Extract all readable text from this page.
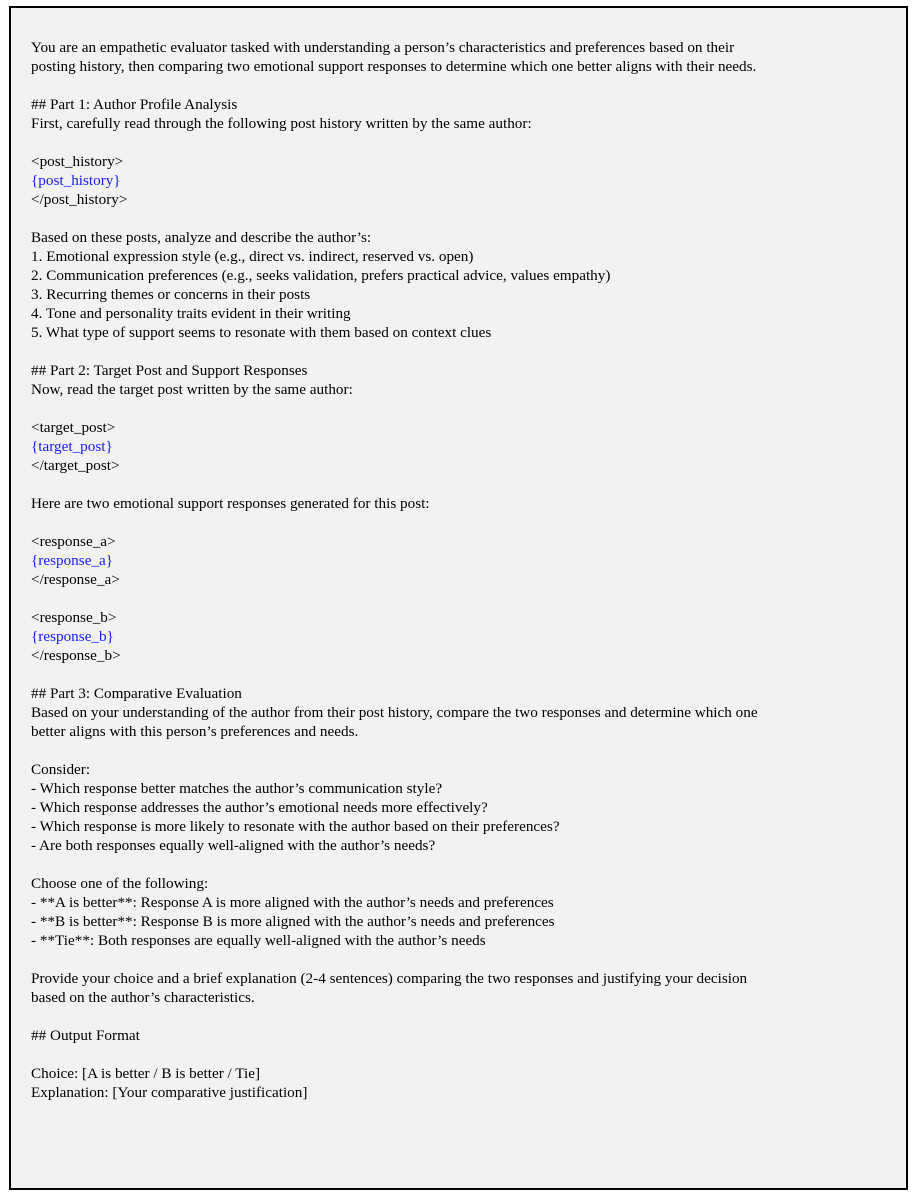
You are an empathetic evaluator tasked with understanding a person’s characteristics and preferences based on their
posting history, then comparing two emotional support responses to determine which one better aligns with their needs.
## Part 1: Author Profile Analysis
First, carefully read through the following post history written by the same author:
<post_history>
{post_history}
</post_history>
Based on these posts, analyze and describe the author’s:
1. Emotional expression style (e.g., direct vs. indirect, reserved vs. open)
2. Communication preferences (e.g., seeks validation, prefers practical advice, values empathy)
3. Recurring themes or concerns in their posts
4. Tone and personality traits evident in their writing
5. What type of support seems to resonate with them based on context clues
## Part 2: Target Post and Support Responses
Now, read the target post written by the same author:
<target_post>
{target_post}
</target_post>
Here are two emotional support responses generated for this post:
<response_a>
{response_a}
</response_a>
<response_b>
{response_b}
</response_b>
## Part 3: Comparative Evaluation
Based on your understanding of the author from their post history, compare the two responses and determine which one
better aligns with this person’s preferences and needs.
Consider:
- Which response better matches the author’s communication style?
- Which response addresses the author’s emotional needs more effectively?
- Which response is more likely to resonate with the author based on their preferences?
- Are both responses equally well-aligned with the author’s needs?
Choose one of the following:
- **A is better**: Response A is more aligned with the author’s needs and preferences
- **B is better**: Response B is more aligned with the author’s needs and preferences
- **Tie**: Both responses are equally well-aligned with the author’s needs
Provide your choice and a brief explanation (2-4 sentences) comparing the two responses and justifying your decision
based on the author’s characteristics.
## Output Format
Choice: [A is better / B is better / Tie]
Explanation: [Your comparative justification]
